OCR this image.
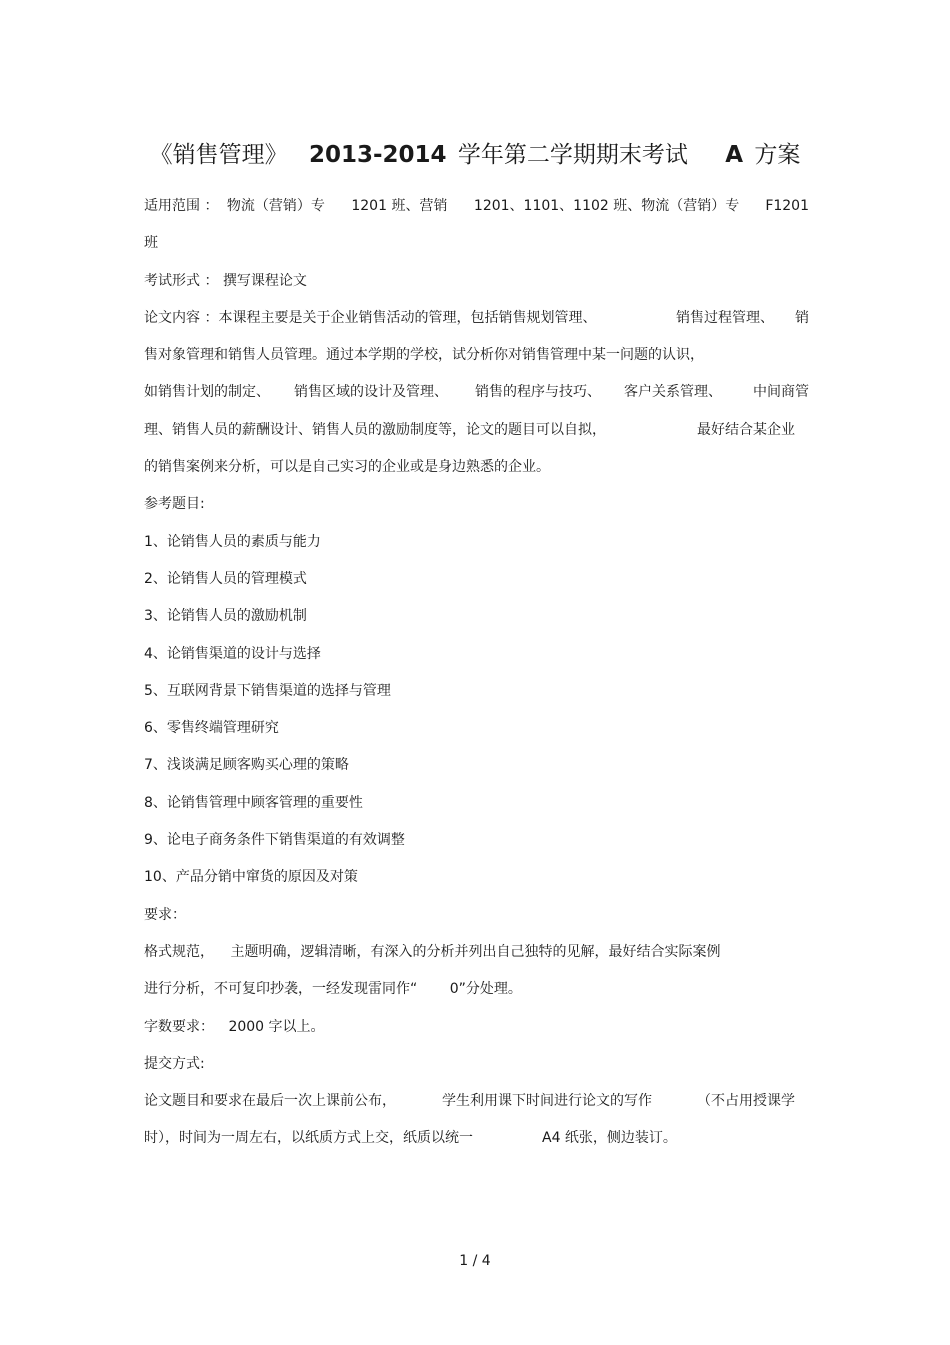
《销售管理》 2013-2014 学年第二学期期末考试 A 方案
适用范围 ： 物流（营销）专 1201 班、营销 1201、1101、1102 班、物流（营销）专 F1201
班
考试形式 ： 撰写课程论文
论文内容 ：本课程主要是关于企业销售活动的管理，包括销售规划管理、	销售过程管理、 销
售对象管理和销售人员管理。通过本学期的学校，试分析你对销售管理中某一问题的认识，
如销售计划的制定、 销售区域的设计及管理、 销售的程序与技巧、 客户关系管理、 中间商管
理、销售人员的薪酬设计、销售人员的激励制度等，论文的题目可以自拟，	最好结合某企业
的销售案例来分析，可以是自己实习的企业或是身边熟悉的企业。
参考题目:
1、论销售人员的素质与能力
2、论销售人员的管理模式
3、论销售人员的激励机制
4、论销售渠道的设计与选择
5、互联网背景下销售渠道的选择与管理
6、零售终端管理研究
7、浅谈满足顾客购买心理的策略
8、论销售管理中顾客管理的重要性
9、论电子商务条件下销售渠道的有效调整
10、产品分销中窜货的原因及对策
要求：
格式规范， 主题明确，逻辑清晰，有深入的分析并列出自己独特的见解，最好结合实际案例
进行分析，不可复印抄袭，一经发现雷同作“ 0”分处理。
字数要求： 2000 字以上。
提交方式:
论文题目和要求在最后一次上课前公布，	学生利用课下时间进行论文的写作	（不占用授课学
时），时间为一周左右，以纸质方式上交，纸质以统一	A4 纸张，侧边装订。
1 / 4
